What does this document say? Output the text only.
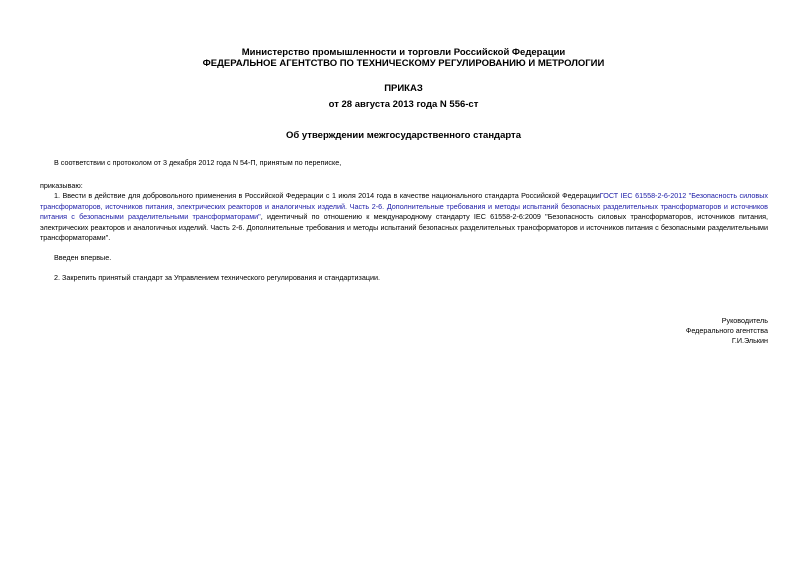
Министерство промышленности и торговли Российской Федерации
ФЕДЕРАЛЬНОЕ АГЕНТСТВО ПО ТЕХНИЧЕСКОМУ РЕГУЛИРОВАНИЮ И МЕТРОЛОГИИ
ПРИКАЗ
от 28 августа 2013 года N 556-ст
Об утверждении межгосударственного стандарта
В соответствии с протоколом от 3 декабря 2012 года N 54-П, принятым по переписке,
приказываю:
1. Ввести в действие для добровольного применения в Российской Федерации с 1 июля 2014 года в качестве национального стандарта Российской ФедерацииГОСТ IEC 61558-2-6-2012 "Безопасность силовых трансформаторов, источников питания, электрических реакторов и аналогичных изделий. Часть 2-6. Дополнительные требования и методы испытаний безопасных разделительных трансформаторов и источников питания с безопасными разделительными трансформаторами", идентичный по отношению к международному стандарту IEC 61558-2-6:2009 "Безопасность силовых трансформаторов, источников питания, электрических реакторов и аналогичных изделий. Часть 2-6. Дополнительные требования и методы испытаний безопасных разделительных трансформаторов и источников питания с безопасными разделительными трансформаторами".
Введен впервые.
2. Закрепить принятый стандарт за Управлением технического регулирования и стандартизации.
Руководитель
Федерального агентства
Г.И.Элькин
